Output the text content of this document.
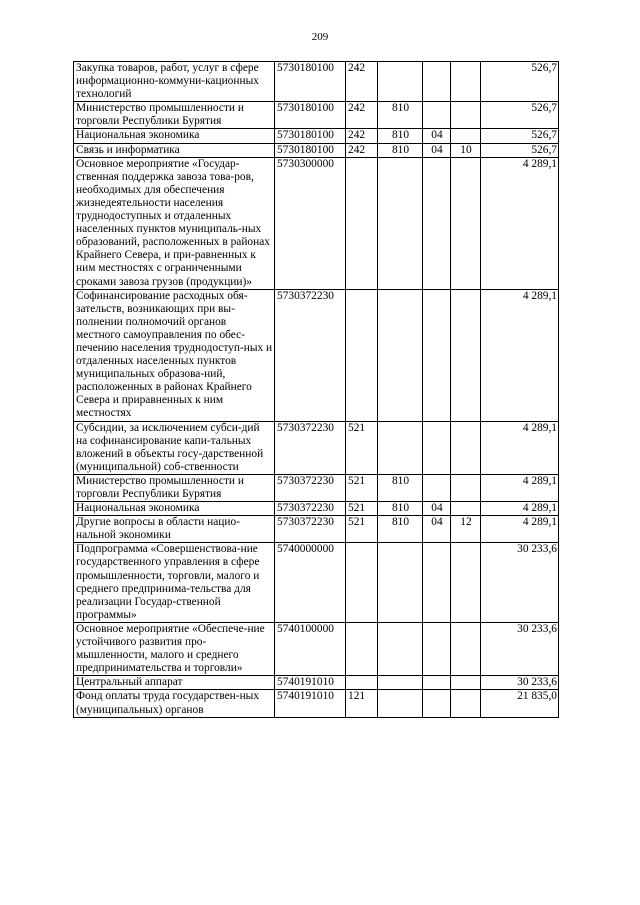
209
Закупка товаров, работ, услуг в сфере информационно-коммуни-кационных технологий	5730180100	242				526,7
Министерство промышленности и торговли Республики Бурятия	5730180100	242	810			526,7
Национальная экономика	5730180100	242	810	04		526,7
Связь и информатика	5730180100	242	810	04	10	526,7
Основное мероприятие «Государ-ственная поддержка завоза това-ров, необходимых для обеспечения жизнедеятельности населения труднодоступных и отдаленных населенных пунктов муниципаль-ных образований, расположенных в районах Крайнего Севера, и при-равненных к ним местностях с ограниченными сроками завоза грузов (продукции)»	5730300000					4 289,1
Софинансирование расходных обя-зательств, возникающих при вы-полнении полномочий органов местного самоуправления по обес-печению населения труднодоступ-ных и отдаленных населенных пунктов муниципальных образова-ний, расположенных в районах Крайнего Севера и приравненных к ним местностях	5730372230					4 289,1
Субсидии, за исключением субси-дий на софинансирование капи-тальных вложений в объекты госу-дарственной (муниципальной) соб-ственности	5730372230	521				4 289,1
Министерство промышленности и торговли Республики Бурятия	5730372230	521	810			4 289,1
Национальная экономика	5730372230	521	810	04		4 289,1
Другие вопросы в области нацио-нальной экономики	5730372230	521	810	04	12	4 289,1
Подпрограмма «Совершенствова-ние государственного управления в сфере промышленности, торговли, малого и среднего предпринима-тельства для реализации Государ-ственной программы»	5740000000					30 233,6
Основное мероприятие «Обеспече-ние устойчивого развития про-мышленности, малого и среднего предпринимательства и торговли»	5740100000					30 233,6
Центральный аппарат	5740191010					30 233,6
Фонд оплаты труда государствен-ных (муниципальных) органов	5740191010	121				21 835,0
